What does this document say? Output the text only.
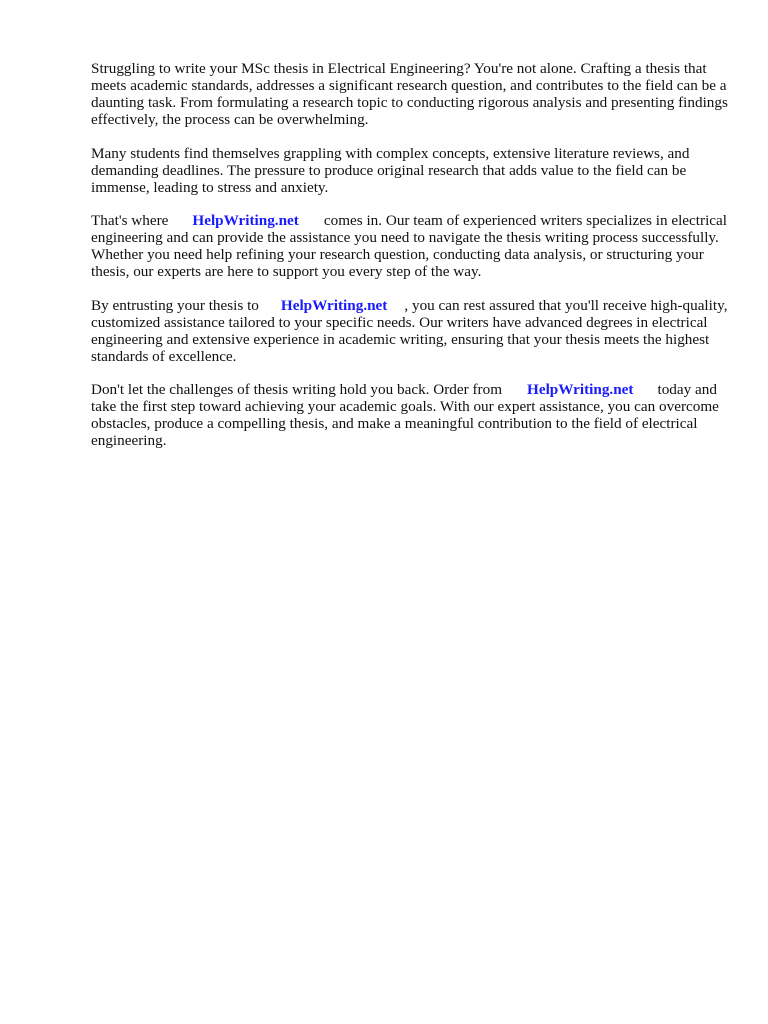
Struggling to write your MSc thesis in Electrical Engineering? You're not alone. Crafting a thesis that meets academic standards, addresses a significant research question, and contributes to the field can be a daunting task. From formulating a research topic to conducting rigorous analysis and presenting findings effectively, the process can be overwhelming.

Many students find themselves grappling with complex concepts, extensive literature reviews, and demanding deadlines. The pressure to produce original research that adds value to the field can be immense, leading to stress and anxiety.

That's where HelpWriting.net comes in. Our team of experienced writers specializes in electrical engineering and can provide the assistance you need to navigate the thesis writing process successfully. Whether you need help refining your research question, conducting data analysis, or structuring your thesis, our experts are here to support you every step of the way.

By entrusting your thesis to HelpWriting.net , you can rest assured that you'll receive high-quality, customized assistance tailored to your specific needs. Our writers have advanced degrees in electrical engineering and extensive experience in academic writing, ensuring that your thesis meets the highest standards of excellence.

Don't let the challenges of thesis writing hold you back. Order from HelpWriting.net today and take the first step toward achieving your academic goals. With our expert assistance, you can overcome obstacles, produce a compelling thesis, and make a meaningful contribution to the field of electrical engineering.
